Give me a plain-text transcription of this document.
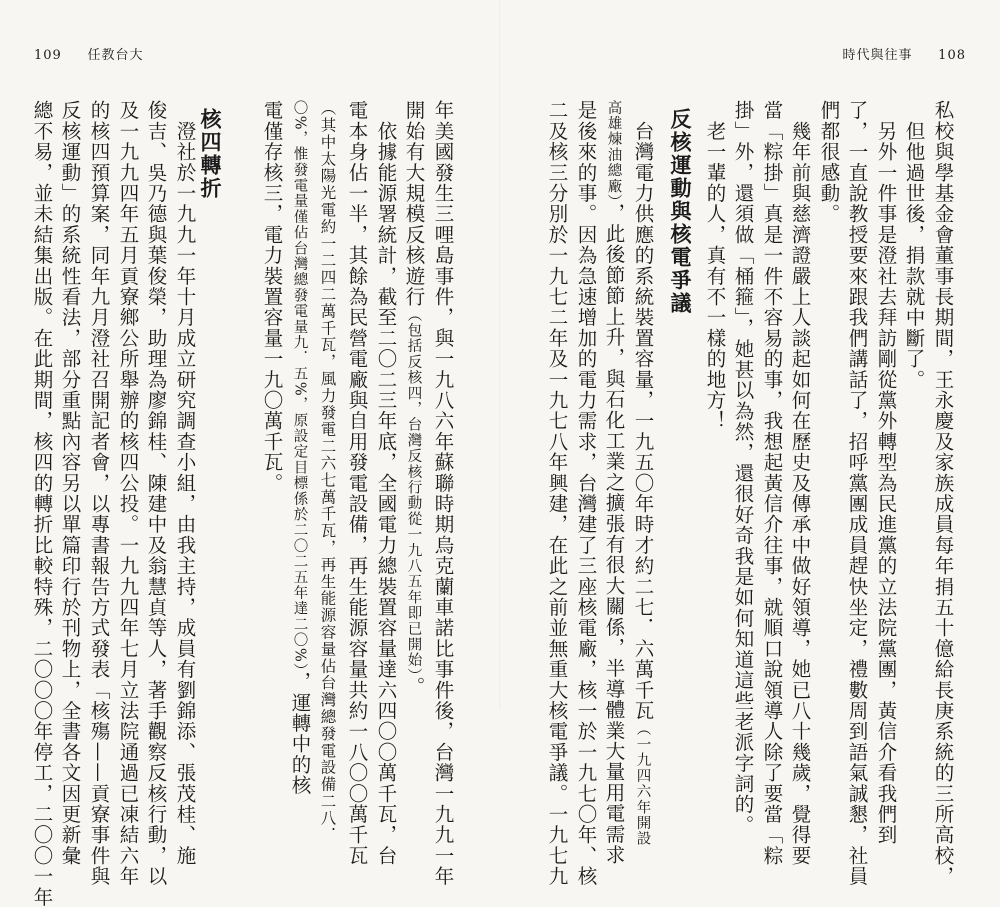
109 任教台大	時代與往事 108
私校與學基金會董事長期間，王永慶及家族成員每年捐五十億給長庚系統的三所高校，
　但他過世後，捐款就中斷了。
　另外一件事是澄社去拜訪剛從黨外轉型為民進黨的立法院黨團，黃信介看我們到
了，一直說教授要來跟我們講話了，招呼黨團成員趕快坐定，禮數周到語氣誠懇，社員
們都很感動。
　幾年前與慈濟證嚴上人談起如何在歷史及傳承中做好領導，她已八十幾歲，覺得要
當「粽掛」真是一件不容易的事，我想起黃信介往事，就順口說領導人除了要當「粽
掛」外，還須做「桶箍」，她甚以為然，還很好奇我是如何知道這些老派字詞的。
　老一輩的人，真有不一樣的地方！
反核運動與核電爭議
　台灣電力供應的系統裝置容量，一九五〇年時才約二七．六萬千瓦（一九四六年開設
高雄煉油總廠），此後節節上升，與石化工業之擴張有很大關係，半導體業大量用電需求
是後來的事。因為急速增加的電力需求，台灣建了三座核電廠，核一於一九七〇年、核
二及核三分別於一九七二年及一九七八年興建，在此之前並無重大核電爭議。一九七九
年美國發生三哩島事件，與一九八六年蘇聯時期烏克蘭車諾比事件後，台灣一九九一年
開始有大規模反核遊行（包括反核四，台灣反核行動從一九八五年即已開始）。
　依據能源署統計，截至二〇二三年底，全國電力總裝置容量達六四〇〇萬千瓦，台
電本身佔一半，其餘為民營電廠與自用發電設備，再生能源容量共約一八〇〇萬千瓦
（其中太陽光電約一二四二萬千瓦，風力發電二六七萬千瓦，再生能源容量佔台灣總發電設備二八．
〇%，惟發電量僅佔台灣總發電量九．五%，原設定目標係於二〇二五年達二〇%），運轉中的核
電僅存核三，電力裝置容量一九〇萬千瓦。
核四轉折
　澄社於一九九一年十月成立研究調查小組，由我主持，成員有劉錦添、張茂桂、施
俊吉、吳乃德與葉俊榮，助理為廖錦桂、陳建中及翁慧貞等人，著手觀察反核行動，以
及一九九四年五月貢寮鄉公所舉辦的核四公投。一九九四年七月立法院通過已凍結六年
的核四預算案，同年九月澄社召開記者會，以專書報告方式發表「核殤——貢寮事件與
反核運動」的系統性看法，部分重點內容另以單篇印行於刊物上，全書各文因更新彙
總不易，並未結集出版。在此期間，核四的轉折比較特殊，二〇〇〇年停工，二〇〇一年
